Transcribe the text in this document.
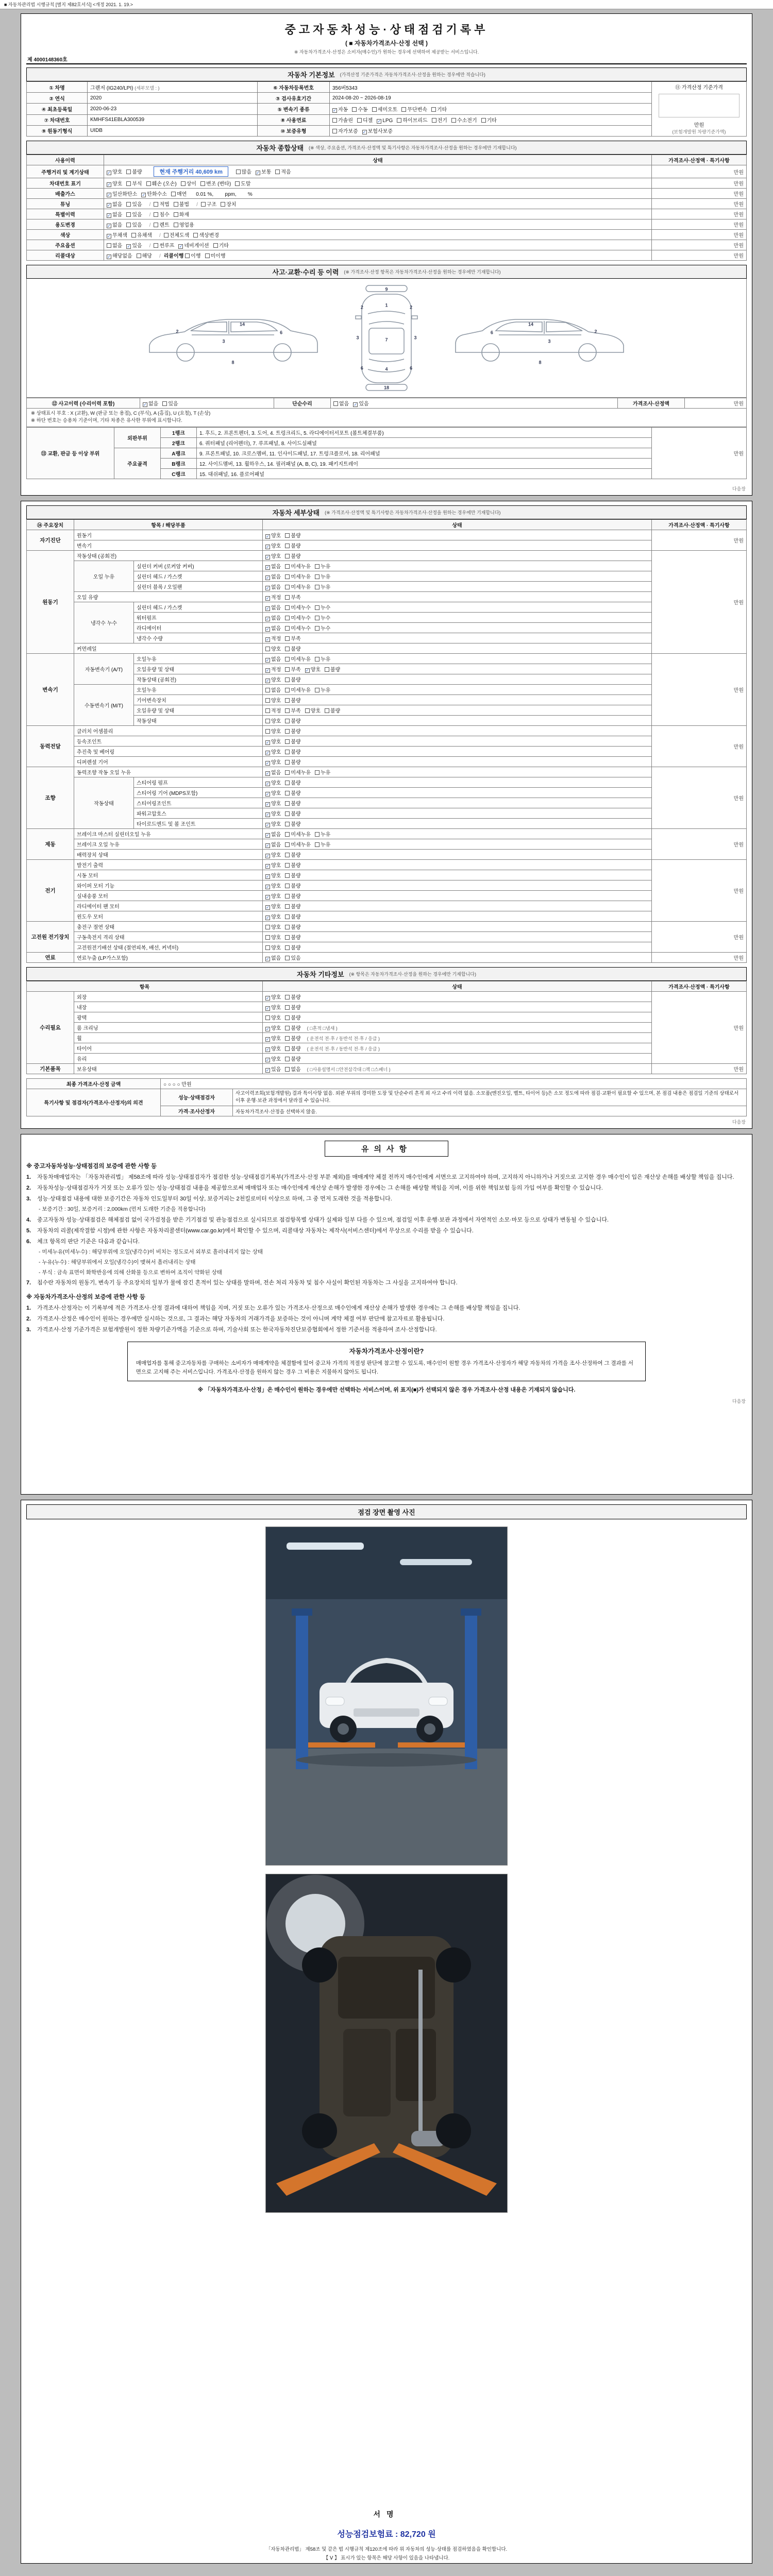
■ 자동차관리법 시행규칙 [별지 제82호서식] <개정 2021. 1. 19.>
중고자동차성능·상태점검기록부
( ■ 자동차가격조사·산정 선택 )
※ 자동차가격조사·산정은 소비자(매수인)가 원하는 경우에 선택하여 제공받는 서비스입니다.
제 4000148360호
자동차 기본정보 (가격산정 기준가격은 자동차가격조사·산정을 원하는 경우에만 적습니다)
① 차명	그랜저 (IG240/LPI) (세부모델 : )	⑥ 자동차등록번호	356버5343	⑪ 가격산정 기준가격
만원
(보험개발원 차량기준가액)

② 연식	2020	③ 검사유효기간	2024-08-20 ~ 2026-08-19	
④ 최초등록일	2020-06-23	⑤ 변속기 종류	✓ 자동 수동 세미오토 무단변속 기타	
⑦ 차대번호	KMHFS41EBLA300539	⑧ 사용연료	가솔린 디젤 ✓ LPG 하이브리드 전기 수소전기 기타	
⑨ 원동기형식	UIDB	⑩ 보증유형	자가보증 ✓ 보험사보증	
자동차 종합상태 (※ 색상, 주요옵션, 가격조사·산정액 및 특기사항은 자동차가격조사·산정을 원하는 경우에만 기재합니다)
사용이력	상태	가격조사·산정액 · 특기사항
주행거리 및 계기상태	✓ 양호 불량 현재 주행거리 40,609 km 많음 ✓ 보통 적음	만원
차대번호 표기	✓ 양호 부식 훼손 (오손) 상이 변조 (변타) 도말	만원
배출가스	✓ 일산화탄소 ✓ 탄화수소 매연 0.01 %,        ppm,        %	만원
튜닝	✓ 없음 있음 / 적법 불법 / 구조 장치	만원
특별이력	✓ 없음 있음 / 침수 화재	만원
용도변경	✓ 없음 있음 / 렌트 영업용	만원
색상	✓ 무채색 유채색 / 전체도색 색상변경	만원
주요옵션	없음 ✓ 있음 / 썬루프 ✓ 네비게이션 기타	만원
리콜대상	✓ 해당없음 해당 / 리콜이행 이행 미이행	만원
사고·교환·수리 등 이력 (※ 가격조사·산정 항목은 자동차가격조사·산정을 원하는 경우에만 기재합니다)
2
14
3
6
8
9
1
2	2
3	7	3
6	4	6
18
6
14
3
2
8
⑫ 사고이력 (수리이력 포함)	✓ 없음 있음	단순수리	없음 ✓ 있음	가격조사·산정액	만원
※ 상태표시 부호 : X (교환), W (판금 또는 용접), C (부식), A (흠집), U (요철), T (손상)
※ 하단 번호는 승용차 기준이며, 기타 차종은 유사한 부위에 표시합니다.
⑬ 교환, 판금 등 이상 부위	외판부위	1랭크	1. 후드, 2. 프론트펜더, 3. 도어, 4. 트렁크리드, 5. 라디에이터서포트 (볼트체결부품)	만원
		2랭크	6. 쿼터패널 (리어펜더), 7. 루프패널, 8. 사이드실패널	
	주요골격	A랭크	9. 프론트패널, 10. 크로스멤버, 11. 인사이드패널, 17. 트렁크플로어, 18. 리어패널	
		B랭크	12. 사이드멤버, 13. 휠하우스, 14. 필러패널 (A, B, C), 19. 패키지트레이	
		C랭크	15. 대쉬패널, 16. 플로어패널	
다음장
자동차 세부상태 (※ 가격조사·산정액 및 특기사항은 자동차가격조사·산정을 원하는 경우에만 기재합니다)
⑭ 주요장치	항목 / 해당부품		상태	가격조사·산정액 · 특기사항
자기진단	원동기		✓ 양호 불량	만원
	변속기		✓ 양호 불량	
원동기	작동상태 (공회전)		✓ 양호 불량	만원
	오일 누유	실린더 커버 (로커암 커버)	✓ 없음 미세누유 누유	
		실린더 헤드 / 가스켓	✓ 없음 미세누유 누유	
		실린더 블록 / 오일팬	✓ 없음 미세누유 누유	
	오일 유량		✓ 적정 부족	
	냉각수 누수	실린더 헤드 / 가스켓	✓ 없음 미세누수 누수	
		워터펌프	✓ 없음 미세누수 누수	
		라디에이터	✓ 없음 미세누수 누수	
		냉각수 수량	✓ 적정 부족	
	커먼레일		양호 불량	
변속기	자동변속기 (A/T)	오일누유	✓ 없음 미세누유 누유	만원
		오일유량 및 상태	✓ 적정 부족 ✓ 양호 불량	
		작동상태 (공회전)	✓ 양호 불량	
	수동변속기 (M/T)	오일누유	없음 미세누유 누유	
		기어변속장치	양호 불량	
		오일유량 및 상태	적정 부족 양호 불량	
		작동상태	양호 불량	
동력전달	클러치 어셈블리		양호 불량	만원
	등속조인트		✓ 양호 불량	
	추진축 및 베어링		✓ 양호 불량	
	디퍼렌셜 기어		✓ 양호 불량	
조향	동력조향 작동 오일 누유		✓ 없음 미세누유 누유	만원
	작동상태	스티어링 펌프	✓ 양호 불량	
		스티어링 기어 (MDPS포함)	✓ 양호 불량	
		스티어링조인트	✓ 양호 불량	
		파워고압호스	✓ 양호 불량	
		타이로드엔드 및 볼 조인트	✓ 양호 불량	
제동	브레이크 마스터 실린더오일 누유		✓ 없음 미세누유 누유	만원
	브레이크 오일 누유		✓ 없음 미세누유 누유	
	배력장치 상태		✓ 양호 불량	
전기	발전기 출력		✓ 양호 불량	만원
	시동 모터		✓ 양호 불량	
	와이퍼 모터 기능		✓ 양호 불량	
	실내송풍 모터		✓ 양호 불량	
	라디에이터 팬 모터		✓ 양호 불량	
	윈도우 모터		✓ 양호 불량	
고전원 전기장치	충전구 절연 상태		양호 불량	만원
	구동축전지 격리 상태		양호 불량	
	고전원전기배선 상태 (절연피복, 배선, 커넥터)		양호 불량	
연료	연료누출 (LP가스포함)		✓ 없음 있음	만원
자동차 기타정보 (※ 항목은 자동차가격조사·산정을 원하는 경우에만 기재합니다)
항목		상태	가격조사·산정액 · 특기사항
수리필요	외장	✓ 양호 불량	만원
	내장	✓ 양호 불량	
	광택	양호 불량	
	룸 크리닝	✓ 양호 불량 ( □흔적 □냄새 )	
	휠	✓ 양호 불량 ( 운전석 전·후 / 동반석 전·후 / 응급 )	
	타이어	✓ 양호 불량 ( 운전석 전·후 / 동반석 전·후 / 응급 )	
	유리	✓ 양호 불량	
기본품목	보유상태	✓ 있음 없음 ( □사용설명서 □안전삼각대 □잭 □스패너 )	만원
최종 가격조사·산정 금액	○ ○ ○ ○ 만원	
특기사항 및 점검자(가격조사·산정자)의 의견	성능·상태점검자	사고이력조회(보험개발원) 결과 특이사항 없음. 외판 부위의 경미한 도장 및 단순수리 흔적 외 사고 수리 이력 없음. 소모품(엔진오일, 벨트, 타이어 등)은 소모 정도에 따라 점검·교환이 필요할 수 있으며, 본 점검 내용은 점검일 기준의 상태로서 이후 운행·보관 과정에서 달라질 수 있습니다.
	가격·조사산정자	자동차가격조사·산정을 선택하지 않음.
다음장
유의사항
※ 중고자동차성능·상태점검의 보증에 관한 사항 등
1.	자동차매매업자는 「자동차관리법」 제58조에 따라 성능·상태점검자가 점검한 성능·상태점검기록부(가격조사·산정 부분 제외)를 매매계약 체결 전까지 매수인에게 서면으로 고지하여야 하며, 고지하지 아니하거나 거짓으로 고지한 경우 매수인이 입은 재산상 손해를 배상할 책임을 집니다.
2.	자동차성능·상태점검자가 거짓 또는 오류가 있는 성능·상태점검 내용을 제공함으로써 매매업자 또는 매수인에게 재산상 손해가 발생한 경우에는 그 손해를 배상할 책임을 지며, 이를 위한 책임보험 등의 가입 여부를 확인할 수 있습니다.
3.	성능·상태점검 내용에 대한 보증기간은 자동차 인도일부터 30일 이상, 보증거리는 2천킬로미터 이상으로 하며, 그 중 먼저 도래한 것을 적용합니다.
- 보증기간 : 30일, 보증거리 : 2,000km (먼저 도래한 기준을 적용합니다)
4.	중고자동차 성능·상태점검은 해체점검 없이 국가검정을 받은 기기점검 및 관능점검으로 실시되므로 점검항목별 상태가 실제와 일부 다를 수 있으며, 점검일 이후 운행·보관 과정에서 자연적인 소모·마모 등으로 상태가 변동될 수 있습니다.
5.	자동차의 리콜(제작결함 시정)에 관한 사항은 자동차리콜센터(www.car.go.kr)에서 확인할 수 있으며, 리콜대상 자동차는 제작사(서비스센터)에서 무상으로 수리를 받을 수 있습니다.
6.	체크 항목의 판단 기준은 다음과 같습니다.
- 미세누유(미세누수) : 해당부위에 오일(냉각수)이 비치는 정도로서 외부로 흘러내리지 않는 상태
- 누유(누수) : 해당부위에서 오일(냉각수)이 맺혀서 흘러내리는 상태
- 부식 : 금속 표면이 화학반응에 의해 산화물 등으로 변하여 조직이 약화된 상태
7.	침수란 자동차의 원동기, 변속기 등 주요장치의 일부가 물에 잠긴 흔적이 있는 상태를 말하며, 전손 처리 자동차 및 침수 사실이 확인된 자동차는 그 사실을 고지하여야 합니다.
※ 자동차가격조사·산정의 보증에 관한 사항 등
1.	가격조사·산정자는 이 기록부에 적은 가격조사·산정 결과에 대하여 책임을 지며, 거짓 또는 오류가 있는 가격조사·산정으로 매수인에게 재산상 손해가 발생한 경우에는 그 손해를 배상할 책임을 집니다.
2.	가격조사·산정은 매수인이 원하는 경우에만 실시하는 것으로, 그 결과는 해당 자동차의 거래가격을 보증하는 것이 아니며 계약 체결 여부 판단에 참고자료로 활용됩니다.
3.	가격조사·산정 기준가격은 보험개발원이 정한 차량기준가액을 기준으로 하며, 기술사회 또는 한국자동차진단보증협회에서 정한 기준서를 적용하여 조사·산정합니다.
자동차가격조사·산정이란?
매매업자를 통해 중고자동차를 구매하는 소비자가 매매계약을 체결함에 있어 중고차 가격의 적절성 판단에 참고할 수 있도록, 매수인이 원할 경우 가격조사·산정자가 해당 자동차의 가격을 조사·산정하여 그 결과를 서면으로 고지해 주는 서비스입니다. 가격조사·산정을 원하지 않는 경우 그 비용은 지불하지 않아도 됩니다.
※ 「자동차가격조사·산정」은 매수인이 원하는 경우에만 선택하는 서비스이며, 위 표지(■)가 선택되지 않은 경우 가격조사·산정 내용은 기재되지 않습니다.
다음장
점검 장면 촬영 사진
서명
성능점검보험료 : 82,720 원
「자동차관리법」 제58조 및 같은 법 시행규칙 제120조에 따라 위 자동차의 성능·상태를 점검하였음을 확인합니다.
【 Ⅴ 】 표시가 있는 항목은 해당 사항이 있음을 나타냅니다.
